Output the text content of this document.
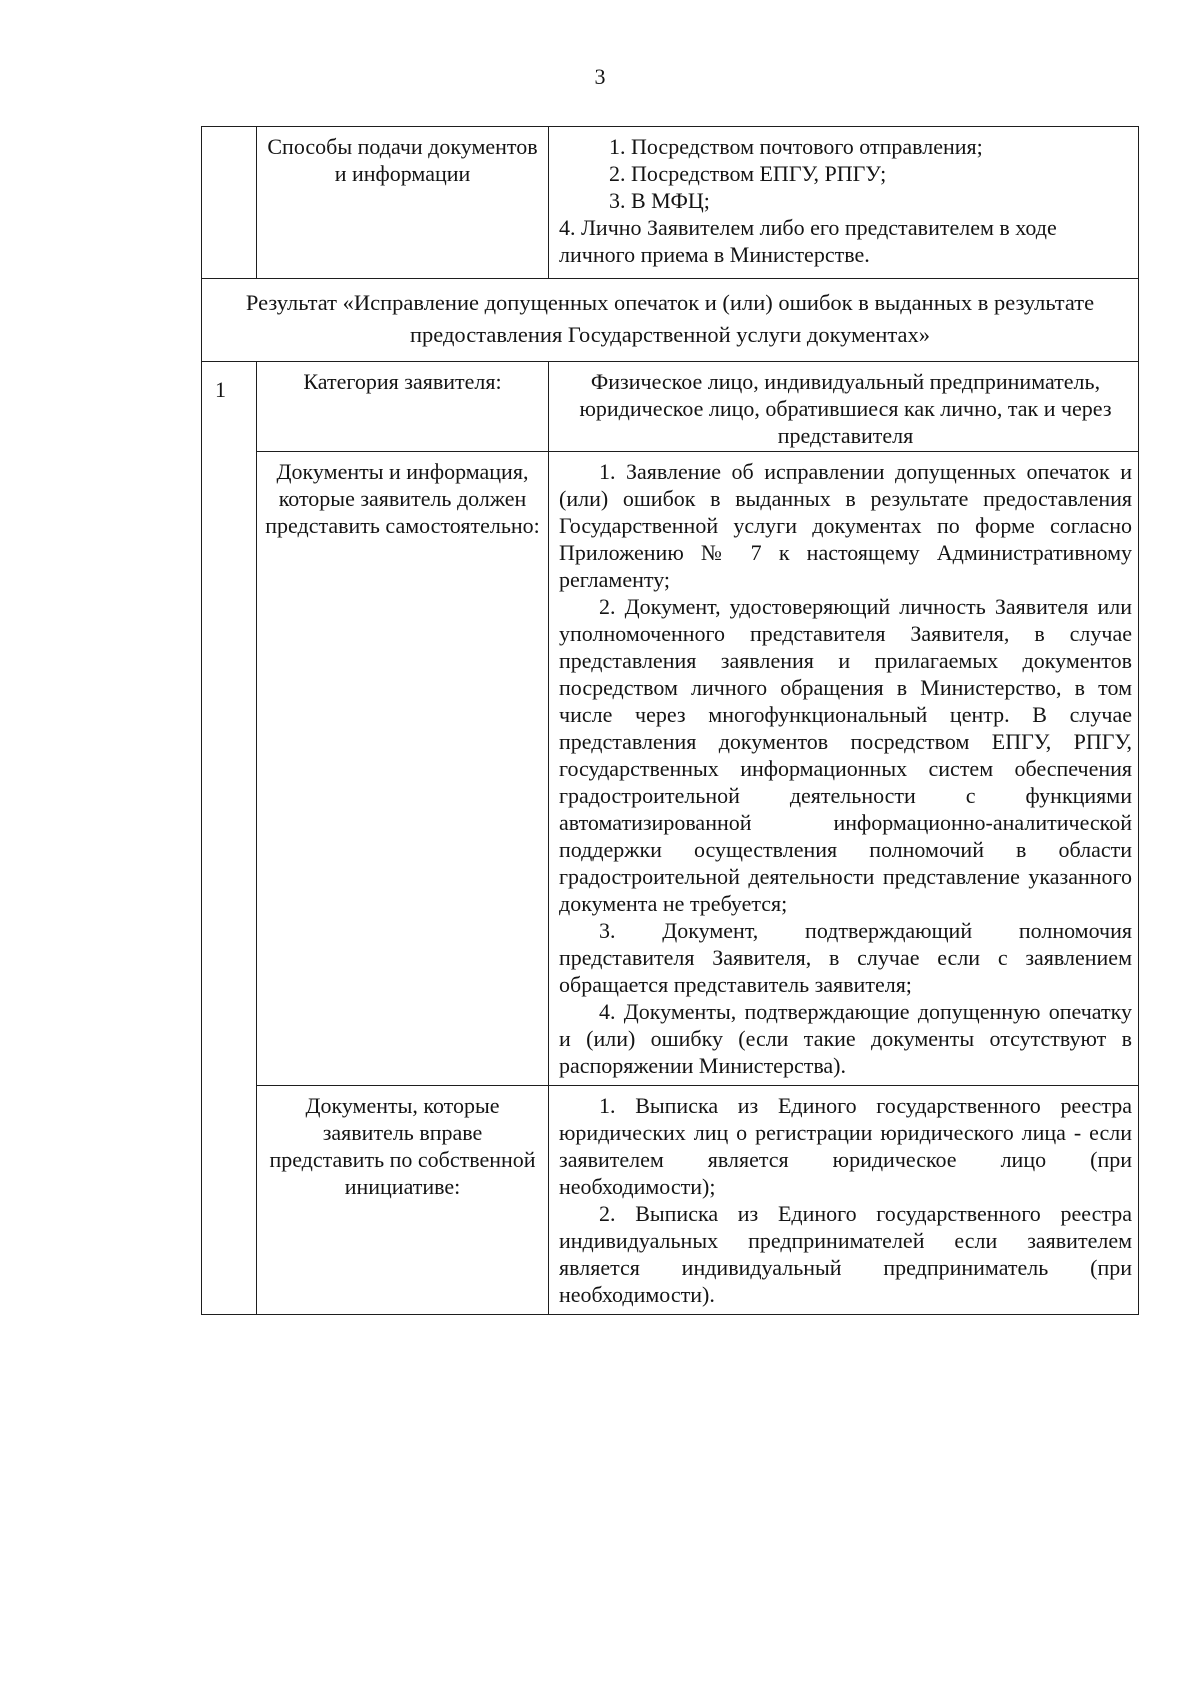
3
	Способы подачи документов и информации	1. Посредством почтового отправления;

2. Посредством ЕПГУ, РПГУ;

3. В МФЦ;

4. Лично Заявителем либо его представителем в ходе личного приема в Министерстве.

Результат «Исправление допущенных опечаток и (или) ошибок в выданных в результате предоставления Государственной услуги документах»		
1	Категория заявителя:	Физическое лицо, индивидуальный предприниматель, юридическое лицо, обратившиеся как лично, так и через представителя

	Документы и информация, которые заявитель должен представить самостоятельно:	1. Заявление об исправлении допущенных опечаток и (или) ошибок в выданных в результате предоставления Государственной услуги документах по форме согласно Приложению № 7 к настоящему Административному регламенту;

2. Документ, удостоверяющий личность Заявителя или уполномоченного представителя Заявителя, в случае представления заявления и прилагаемых документов посредством личного обращения в Министерство, в том числе через многофункциональный центр. В случае представления документов посредством ЕПГУ, РПГУ, государственных информационных систем обеспечения градостроительной деятельности с функциями автоматизированной информационно-аналитической поддержки осуществления полномочий в области градостроительной деятельности представление указанного документа не требуется;

3. Документ, подтверждающий полномочия представителя Заявителя, в случае если с заявлением обращается представитель заявителя;

4. Документы, подтверждающие допущенную опечатку и (или) ошибку (если такие документы отсутствуют в распоряжении Министерства).

	Документы, которые заявитель вправе представить по собственной инициативе:	1. Выписка из Единого государственного реестра юридических лиц о регистрации юридического лица - если заявителем является юридическое лицо (при необходимости);

2. Выписка из Единого государственного реестра индивидуальных предпринимателей если заявителем является индивидуальный предприниматель (при необходимости).
